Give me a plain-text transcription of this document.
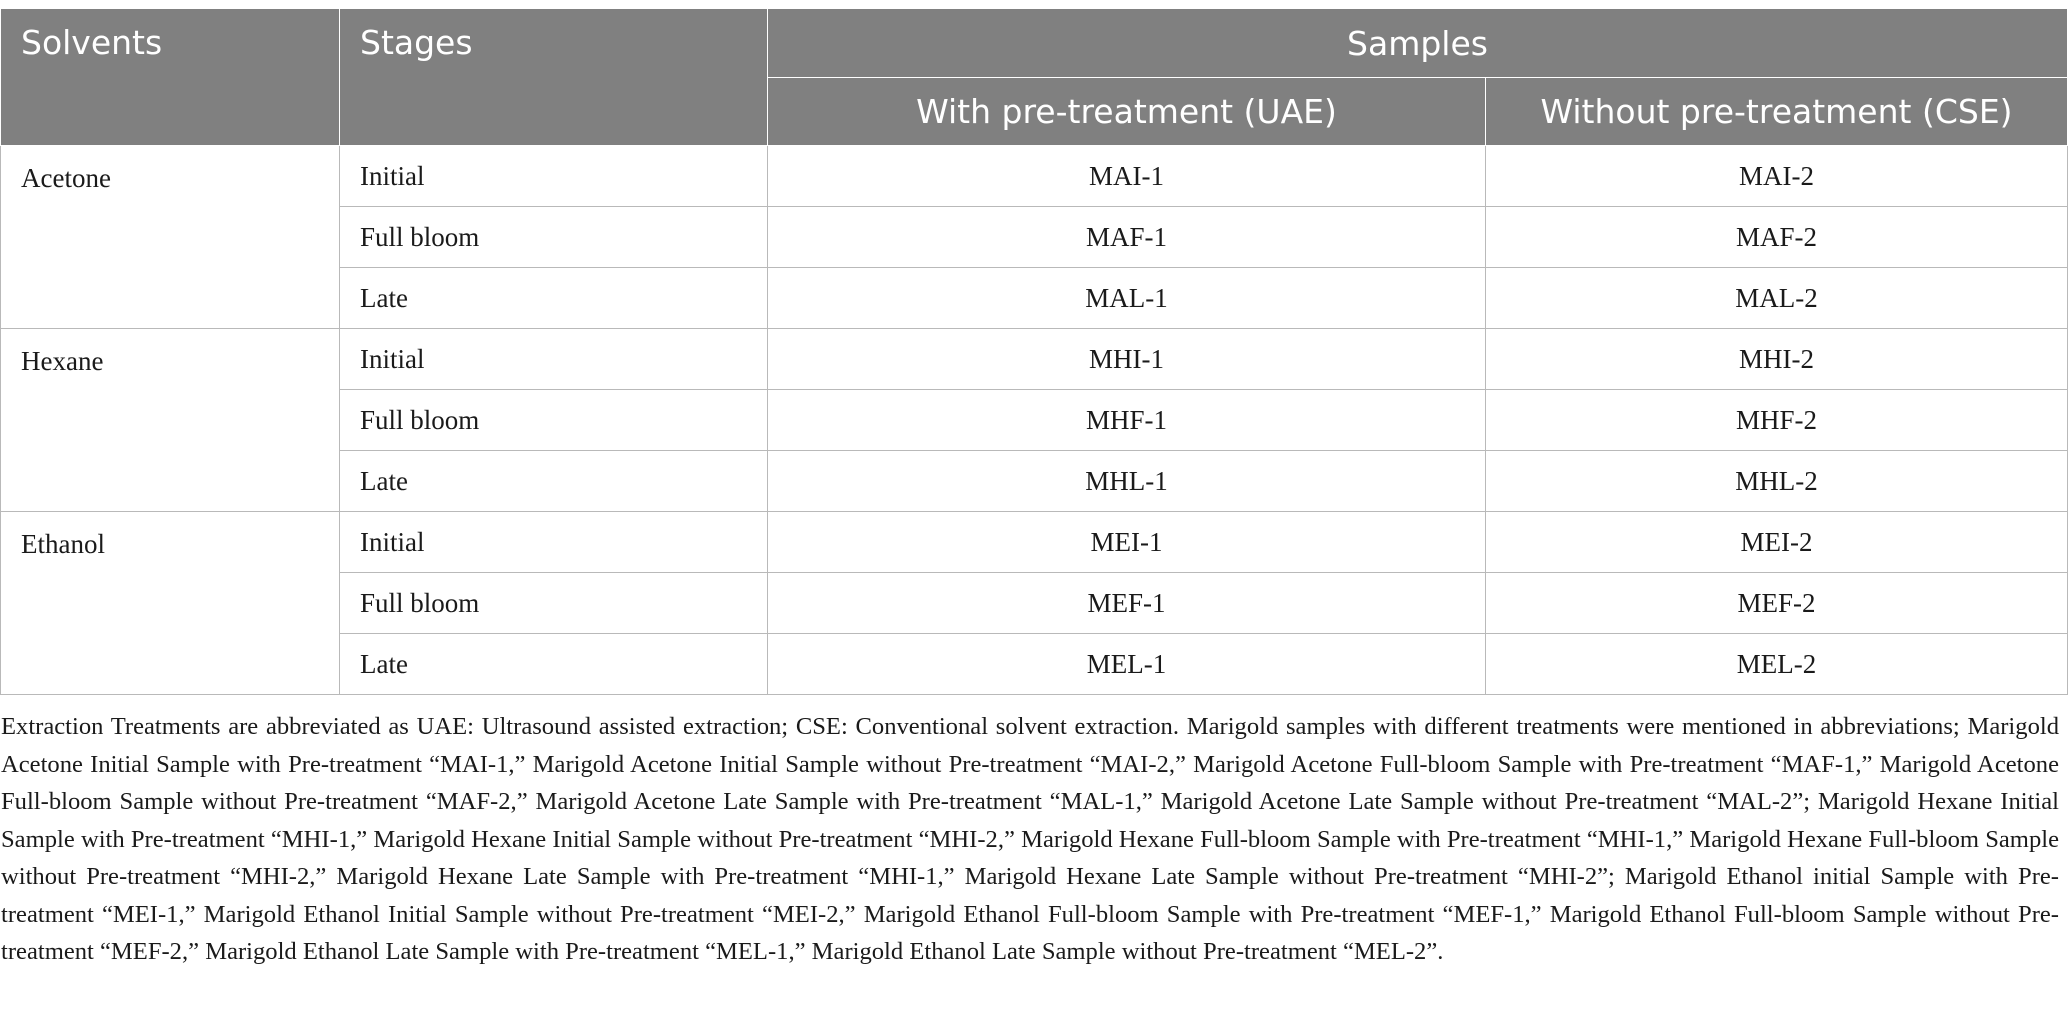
Solvents	Stages	Samples	
		With pre-treatment (UAE)	Without pre-treatment (CSE)
Acetone	Initial	MAI-1	MAI-2
	Full bloom	MAF-1	MAF-2
	Late	MAL-1	MAL-2
Hexane	Initial	MHI-1	MHI-2
	Full bloom	MHF-1	MHF-2
	Late	MHL-1	MHL-2
Ethanol	Initial	MEI-1	MEI-2
	Full bloom	MEF-1	MEF-2
	Late	MEL-1	MEL-2

Extraction Treatments are abbreviated as UAE: Ultrasound assisted extraction; CSE: Conventional solvent extraction. Marigold samples with different treatments were mentioned in abbreviations; Marigold Acetone Initial Sample with Pre-treatment “MAI-1,” Marigold Acetone Initial Sample without Pre-treatment “MAI-2,” Marigold Acetone Full-bloom Sample with Pre-treatment “MAF-1,” Marigold Acetone Full-bloom Sample without Pre-treatment “MAF-2,” Marigold Acetone Late Sample with Pre-treatment “MAL-1,” Marigold Acetone Late Sample without Pre-treatment “MAL-2”; Marigold Hexane Initial Sample with Pre-treatment “MHI-1,” Marigold Hexane Initial Sample without Pre-treatment “MHI-2,” Marigold Hexane Full-bloom Sample with Pre-treatment “MHI-1,” Marigold Hexane Full-bloom Sample without Pre-treatment “MHI-2,” Marigold Hexane Late Sample with Pre-treatment “MHI-1,” Marigold Hexane Late Sample without Pre-treatment “MHI-2”; Marigold Ethanol initial Sample with Pre-treatment “MEI-1,” Marigold Ethanol Initial Sample without Pre-treatment “MEI-2,” Marigold Ethanol Full-bloom Sample with Pre-treatment “MEF-1,” Marigold Ethanol Full-bloom Sample without Pre-treatment “MEF-2,” Marigold Ethanol Late Sample with Pre-treatment “MEL-1,” Marigold Ethanol Late Sample without Pre-treatment “MEL-2”.
